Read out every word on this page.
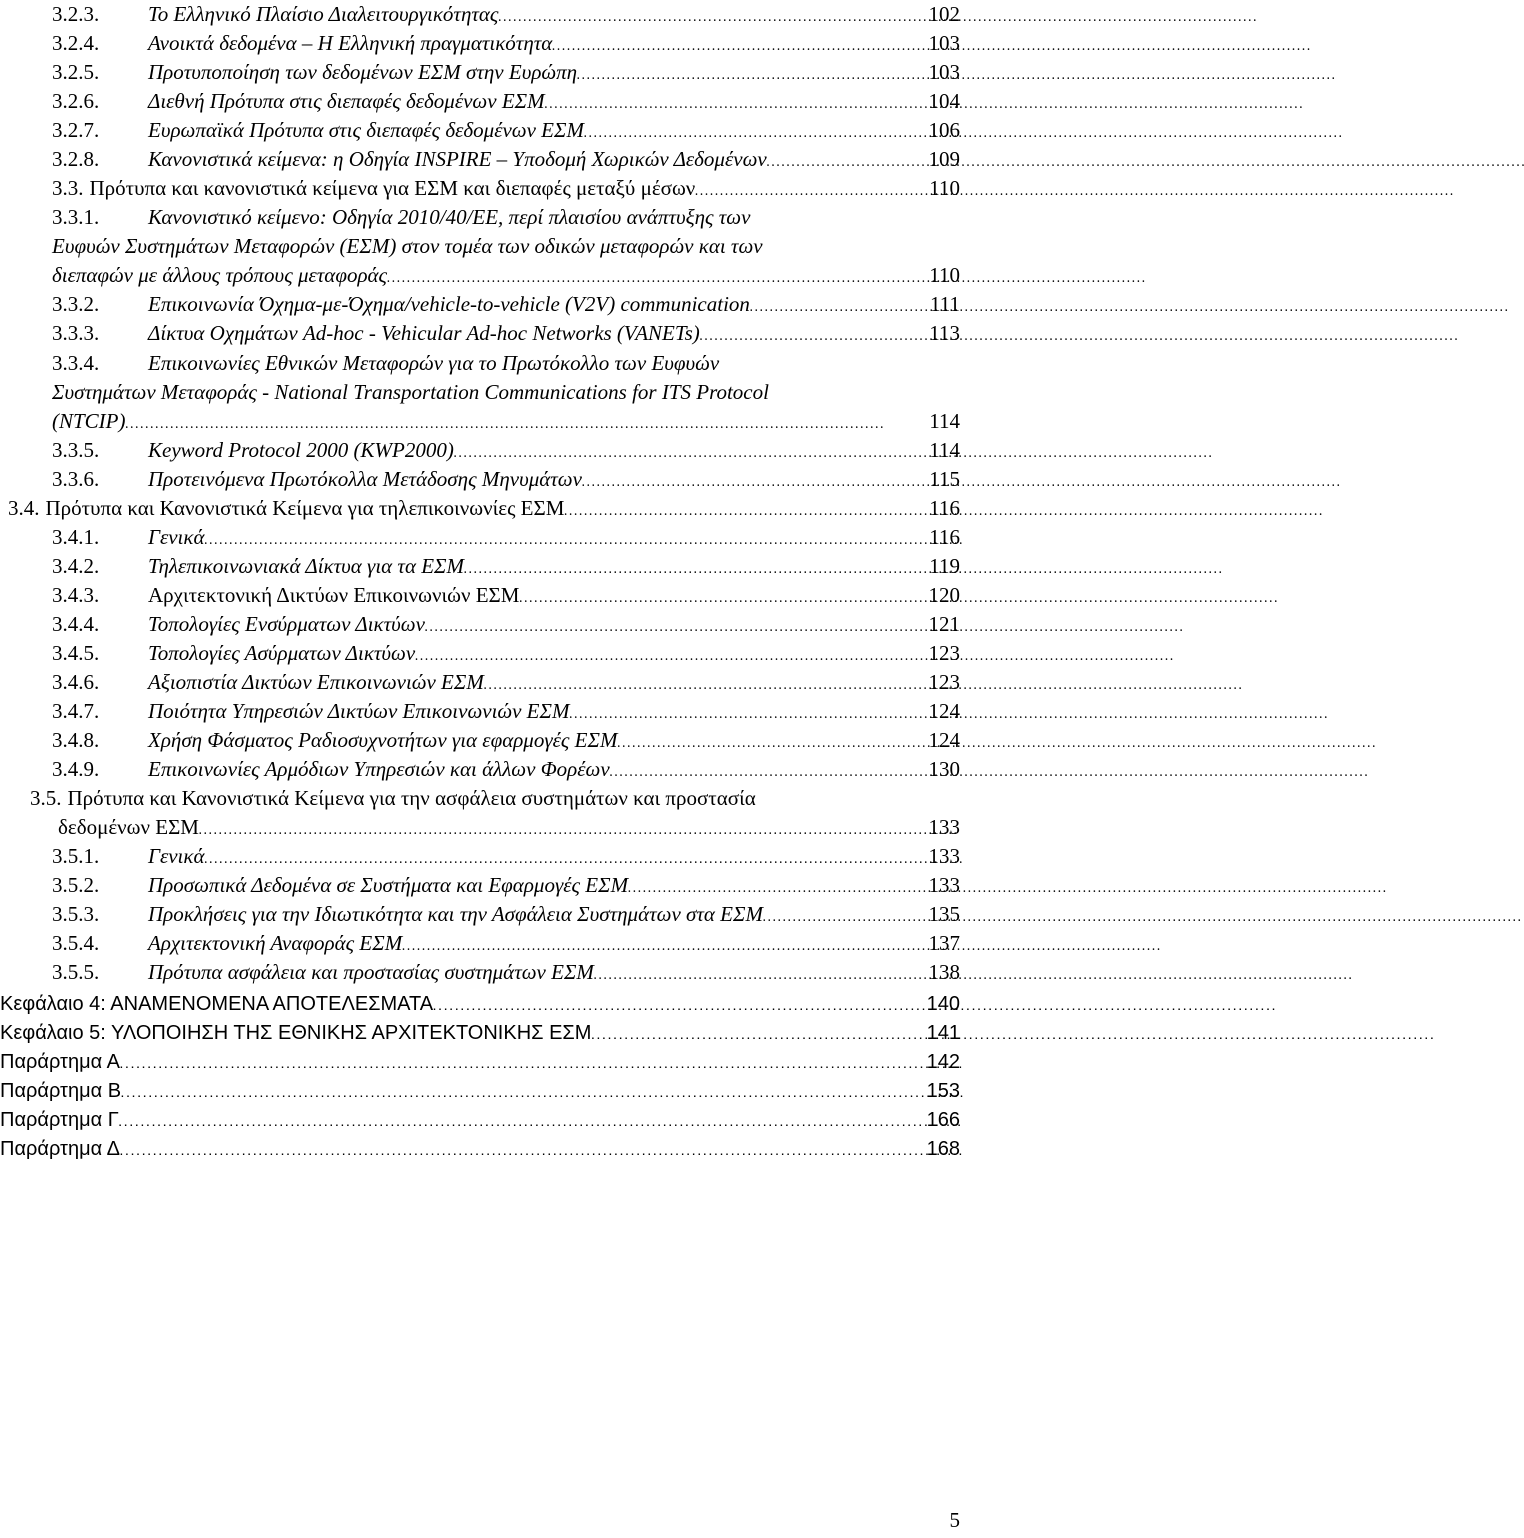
3.2.3.	Το Ελληνικό Πλαίσιο Διαλειτουργικότητας . . .	102
3.2.4.	Ανοικτά δεδομένα – Η Ελληνική πραγματικότητα . . .	103
3.2.5.	Προτυποποίηση των δεδομένων ΕΣΜ στην Ευρώπη . . .	103
3.2.6.	Διεθνή Πρότυπα στις διεπαφές δεδομένων ΕΣΜ . . .	104
3.2.7.	Ευρωπαϊκά Πρότυπα στις διεπαφές δεδομένων ΕΣΜ . . .	106
3.2.8.	Κανονιστικά κείμενα: η Οδηγία INSPIRE – Υποδομή Χωρικών Δεδομένων . . .	109
3.3. Πρότυπα και κανονιστικά κείμενα για ΕΣΜ και διεπαφές μεταξύ μέσων . . .	110
3.3.1.	Κανονιστικό κείμενο: Οδηγία 2010/40/ΕΕ, περί πλαισίου ανάπτυξης των
Ευφυών Συστημάτων Μεταφορών (ΕΣΜ) στον τομέα των οδικών μεταφορών και των
διεπαφών με άλλους τρόπους μεταφοράς . . .	110
3.3.2.	Επικοινωνία Όχημα-με-Όχημα/vehicle-to-vehicle (V2V) communication . . .	111
3.3.3.	Δίκτυα Οχημάτων Ad-hoc - Vehicular Ad-hoc Networks (VANETs) . . .	113
3.3.4.	Επικοινωνίες Εθνικών Μεταφορών για το Πρωτόκολλο των Ευφυών
Συστημάτων Μεταφοράς - National Transportation Communications for ITS Protocol
(NTCIP) . . .	114
3.3.5.	Keyword Protocol 2000 (KWP2000) . . .	114
3.3.6.	Προτεινόμενα Πρωτόκολλα Μετάδοσης Μηνυμάτων . . .	115
3.4. Πρότυπα και Κανονιστικά Κείμενα για τηλεπικοινωνίες ΕΣΜ . . .	116
3.4.1.	Γενικά . . .	116
3.4.2.	Τηλεπικοινωνιακά Δίκτυα για τα ΕΣΜ . . .	119
3.4.3.	Αρχιτεκτονική Δικτύων Επικοινωνιών ΕΣΜ . . .	120
3.4.4.	Τοπολογίες Ενσύρματων Δικτύων . . .	121
3.4.5.	Τοπολογίες Ασύρματων Δικτύων . . .	123
3.4.6.	Αξιοπιστία Δικτύων Επικοινωνιών ΕΣΜ . . .	123
3.4.7.	Ποιότητα Υπηρεσιών Δικτύων Επικοινωνιών ΕΣΜ . . .	124
3.4.8.	Χρήση Φάσματος Ραδιοσυχνοτήτων για εφαρμογές ΕΣΜ . . .	124
3.4.9.	Επικοινωνίες Αρμόδιων Υπηρεσιών και άλλων Φορέων . . .	130
3.5. Πρότυπα και Κανονιστικά Κείμενα για την ασφάλεια συστημάτων και προστασία
δεδομένων ΕΣΜ . . .	133
3.5.1.	Γενικά . . .	133
3.5.2.	Προσωπικά Δεδομένα σε Συστήματα και Εφαρμογές ΕΣΜ . . .	133
3.5.3.	Προκλήσεις για την Ιδιωτικότητα και την Ασφάλεια Συστημάτων στα ΕΣΜ . . .	135
3.5.4.	Αρχιτεκτονική Αναφοράς ΕΣΜ . . .	137
3.5.5.	Πρότυπα ασφάλεια και προστασίας συστημάτων ΕΣΜ . . .	138
Κεφάλαιο 4: ΑΝΑΜΕΝΟΜΕΝΑ ΑΠΟΤΕΛΕΣΜΑΤΑ . . .	140
Κεφάλαιο 5: ΥΛΟΠΟΙΗΣΗ ΤΗΣ ΕΘΝΙΚΗΣ ΑΡΧΙΤΕΚΤΟΝΙΚΗΣ ΕΣΜ . . .	141
Παράρτημα Α . . .	142
Παράρτημα Β . . .	153
Παράρτημα Γ . . .	166
Παράρτημα Δ . . .	168
5
